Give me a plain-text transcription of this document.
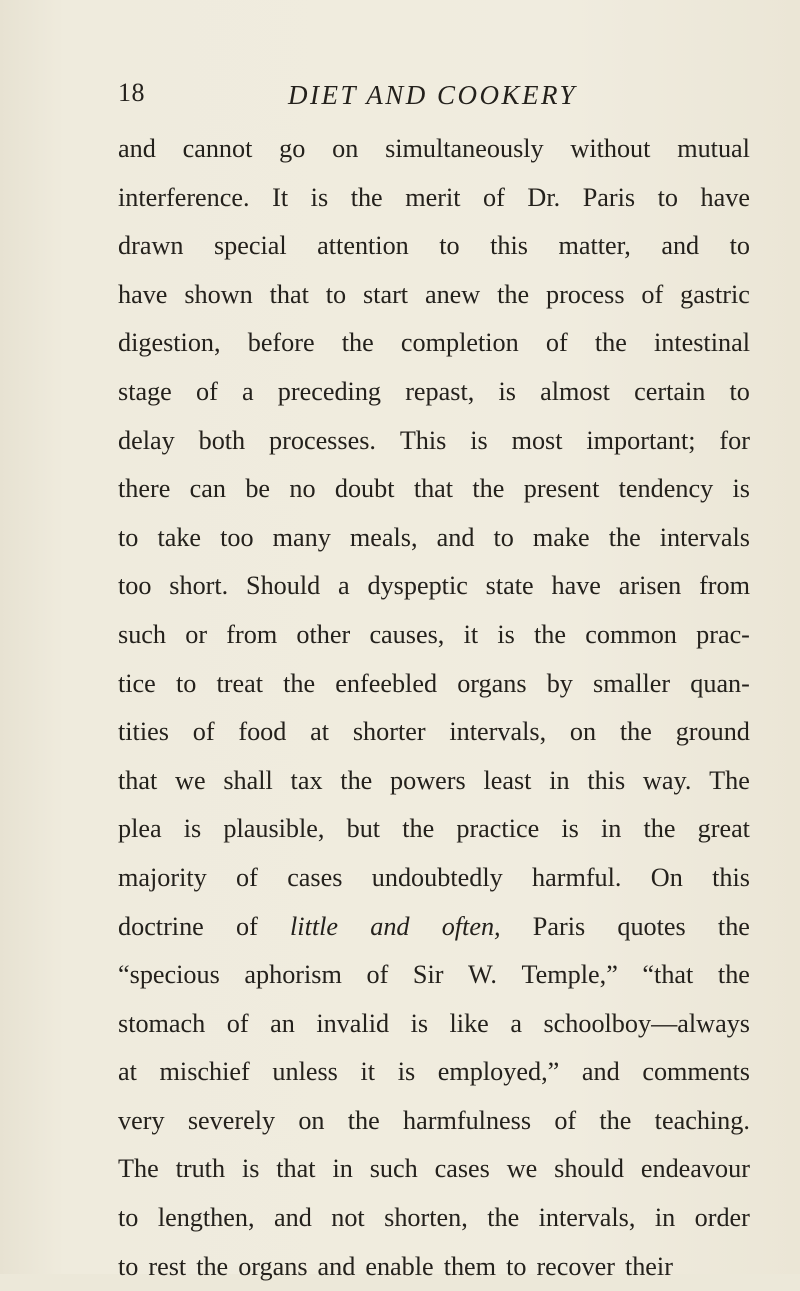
18	DIET AND COOKERY
and cannot go on simultaneously without mutual
interference. It is the merit of Dr. Paris to have
drawn special attention to this matter, and to
have shown that to start anew the process of gastric
digestion, before the completion of the intestinal
stage of a preceding repast, is almost certain to
delay both processes. This is most important; for
there can be no doubt that the present tendency is
to take too many meals, and to make the intervals
too short. Should a dyspeptic state have arisen from
such or from other causes, it is the common prac-
tice to treat the enfeebled organs by smaller quan-
tities of food at shorter intervals, on the ground
that we shall tax the powers least in this way. The
plea is plausible, but the practice is in the great
majority of cases undoubtedly harmful. On this
doctrine of little and often, Paris quotes the
“specious aphorism of Sir W. Temple,” “that the
stomach of an invalid is like a schoolboy—always
at mischief unless it is employed,” and comments
very severely on the harmfulness of the teaching.
The truth is that in such cases we should endeavour
to lengthen, and not shorten, the intervals, in order
to rest the organs and enable them to recover their
